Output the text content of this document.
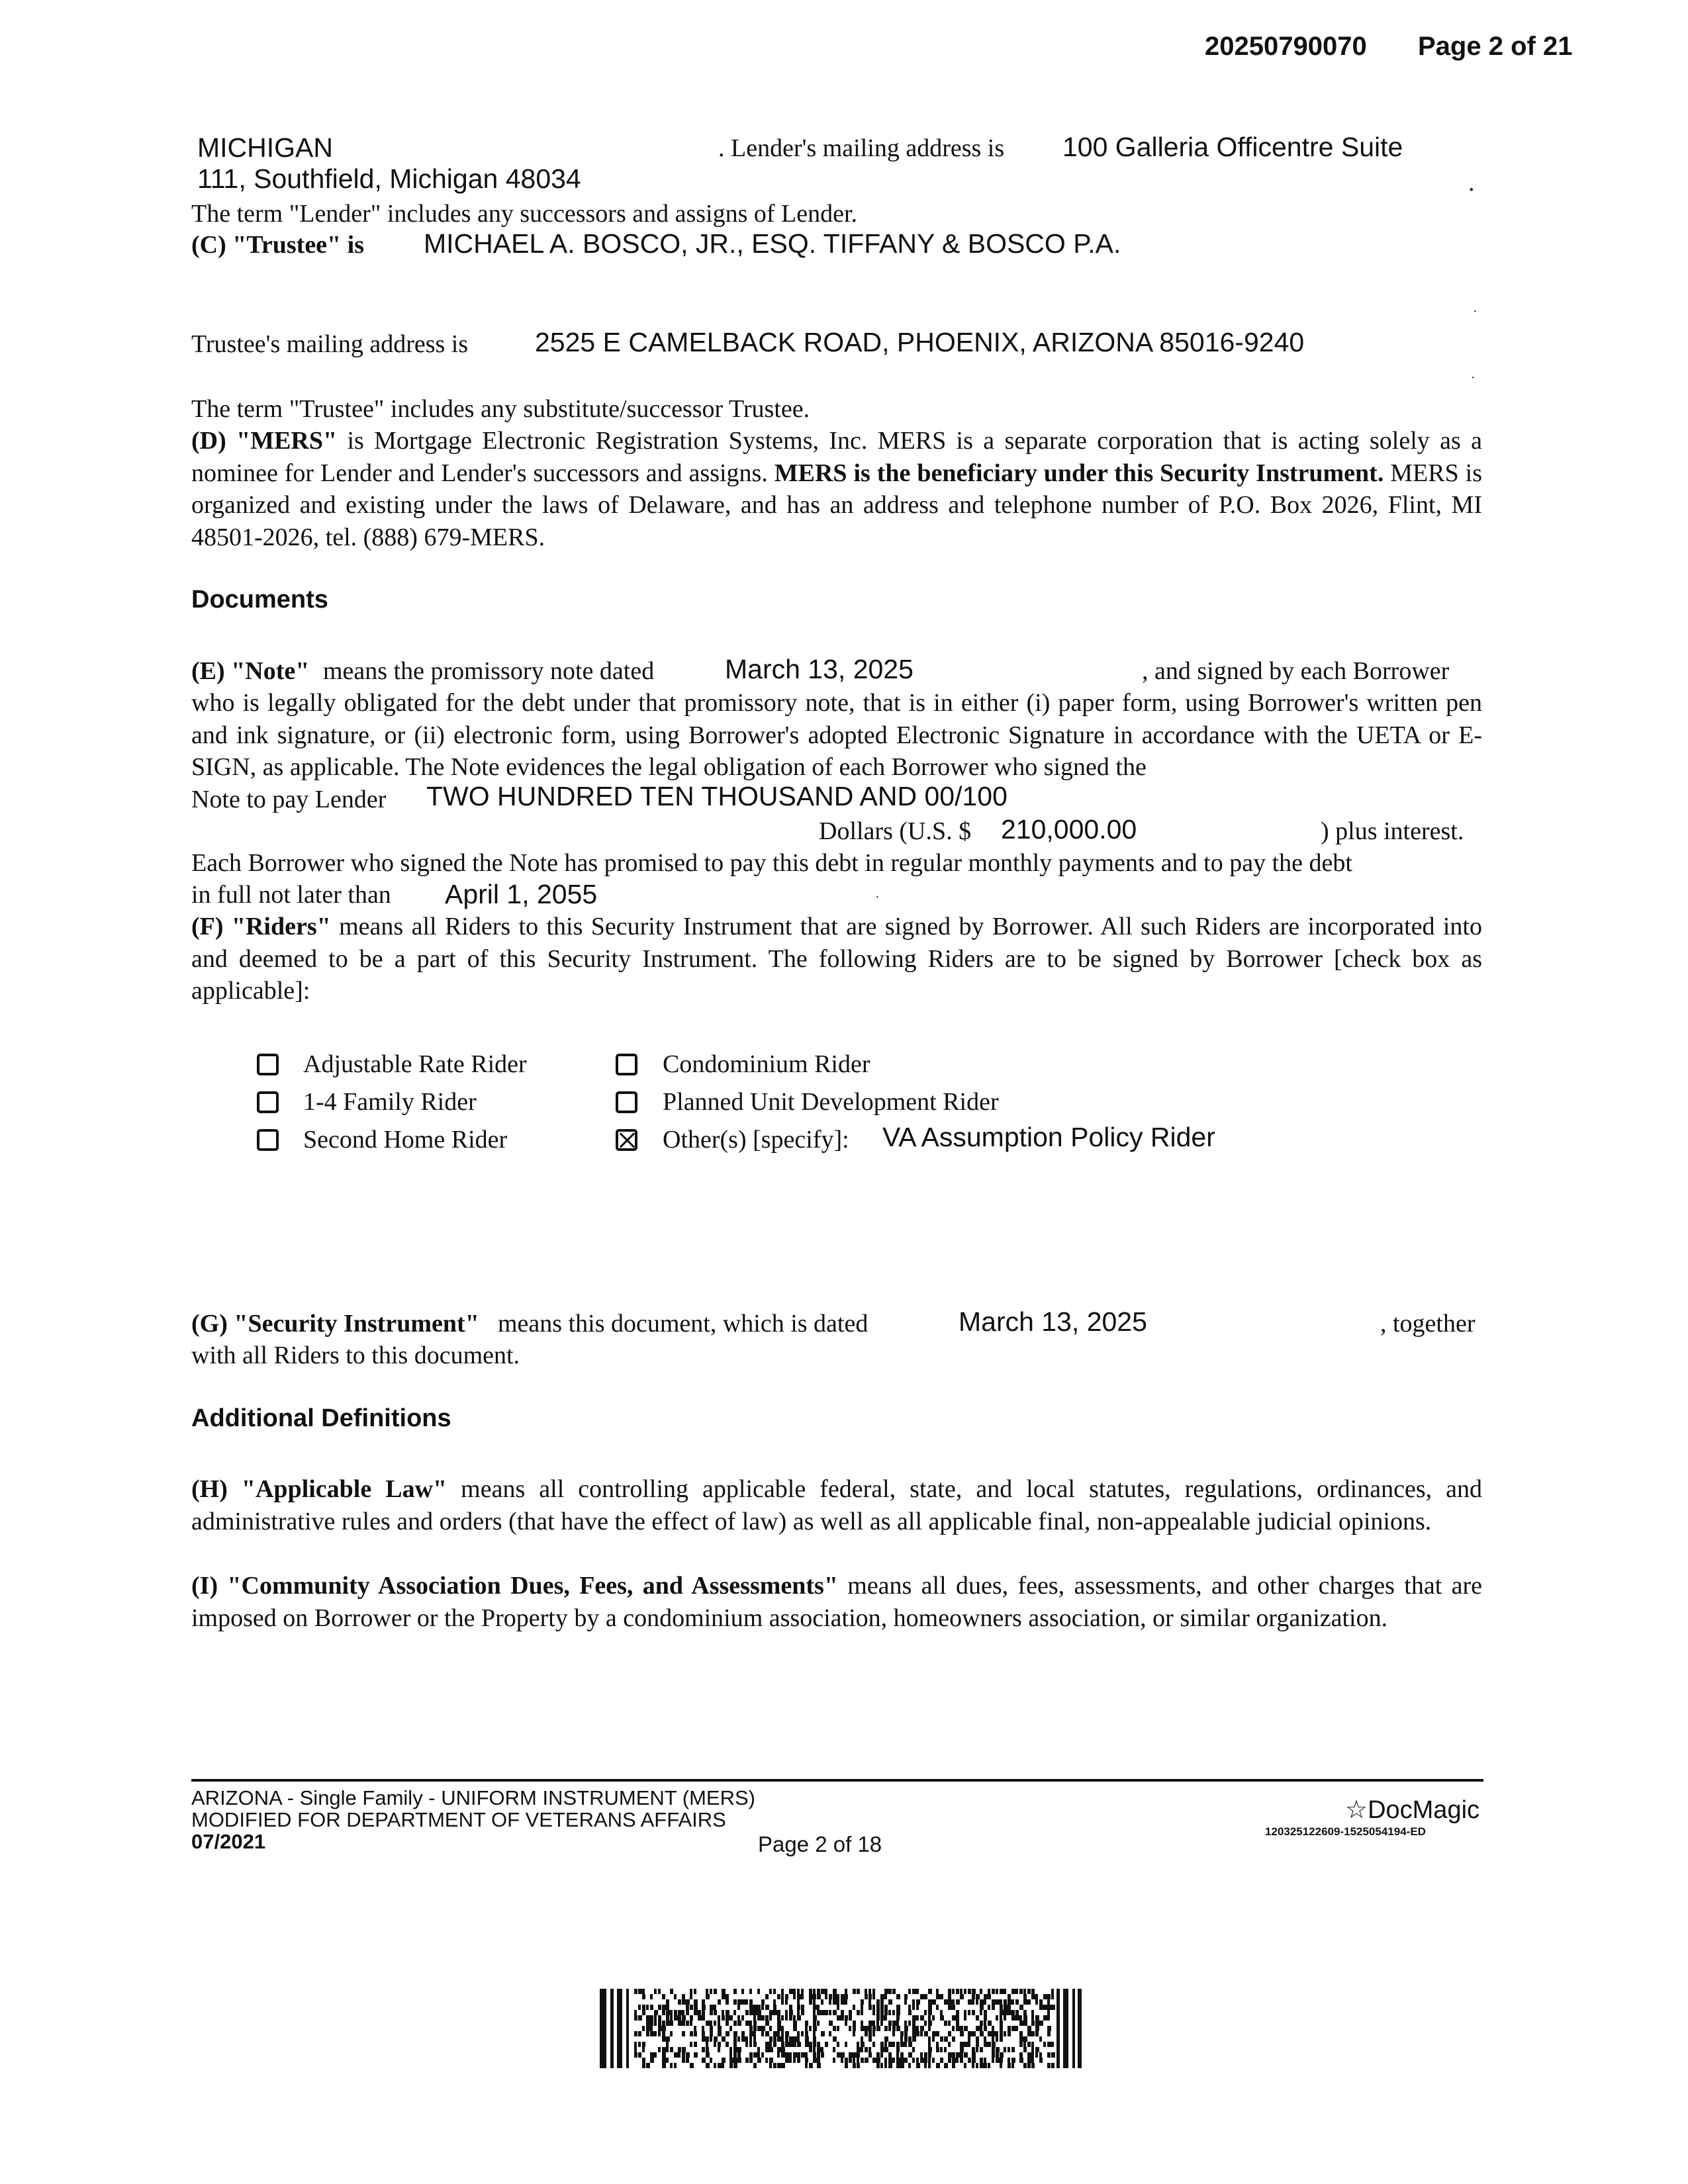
20250790070 Page 2 of 21
MICHIGAN	. Lender's mailing address is 100 Galleria Officentre Suite
111, Southfield, Michigan 48034	.
The term "Lender" includes any successors and assigns of Lender.
(C) "Trustee" is MICHAEL A. BOSCO, JR., ESQ. TIFFANY & BOSCO P.A.
·
Trustee's mailing address is 2525 E CAMELBACK ROAD, PHOENIX, ARIZONA 85016-9240
·
The term "Trustee" includes any substitute/successor Trustee.
(D) "MERS" is Mortgage Electronic Registration Systems, Inc. MERS is a separate corporation that is acting solely as a nominee for Lender and Lender's successors and assigns. MERS is the beneficiary under this Security Instrument. MERS is organized and existing under the laws of Delaware, and has an address and telephone number of P.O. Box 2026, Flint, MI 48501-2026, tel. (888) 679-MERS.
Documents
(E) "Note" means the promissory note dated	March 13, 2025	, and signed by each Borrower
who is legally obligated for the debt under that promissory note, that is in either (i) paper form, using Borrower's written pen and ink signature, or (ii) electronic form, using Borrower's adopted Electronic Signature in accordance with the UETA or E-SIGN, as applicable. The Note evidences the legal obligation of each Borrower who signed the
Note to pay Lender TWO HUNDRED TEN THOUSAND AND 00/100
Dollars (U.S. $ 210,000.00	) plus interest.
Each Borrower who signed the Note has promised to pay this debt in regular monthly payments and to pay the debt
in full not later than April 1, 2055	·
(F) "Riders" means all Riders to this Security Instrument that are signed by Borrower. All such Riders are incorporated into and deemed to be a part of this Security Instrument. The following Riders are to be signed by Borrower [check box as applicable]:
Adjustable Rate Rider
1-4 Family Rider
Second Home Rider
Condominium Rider
Planned Unit Development Rider
Other(s) [specify]: VA Assumption Policy Rider
(G) "Security Instrument" means this document, which is dated	March 13, 2025	, together
with all Riders to this document.
Additional Definitions
(H) "Applicable Law" means all controlling applicable federal, state, and local statutes, regulations, ordinances, and administrative rules and orders (that have the effect of law) as well as all applicable final, non-appealable judicial opinions.
(I) "Community Association Dues, Fees, and Assessments" means all dues, fees, assessments, and other charges that are imposed on Borrower or the Property by a condominium association, homeowners association, or similar organization.
ARIZONA - Single Family - UNIFORM INSTRUMENT (MERS)
MODIFIED FOR DEPARTMENT OF VETERANS AFFAIRS
07/2021	Page 2 of 18
☆DocMagic
120325122609-1525054194-ED
